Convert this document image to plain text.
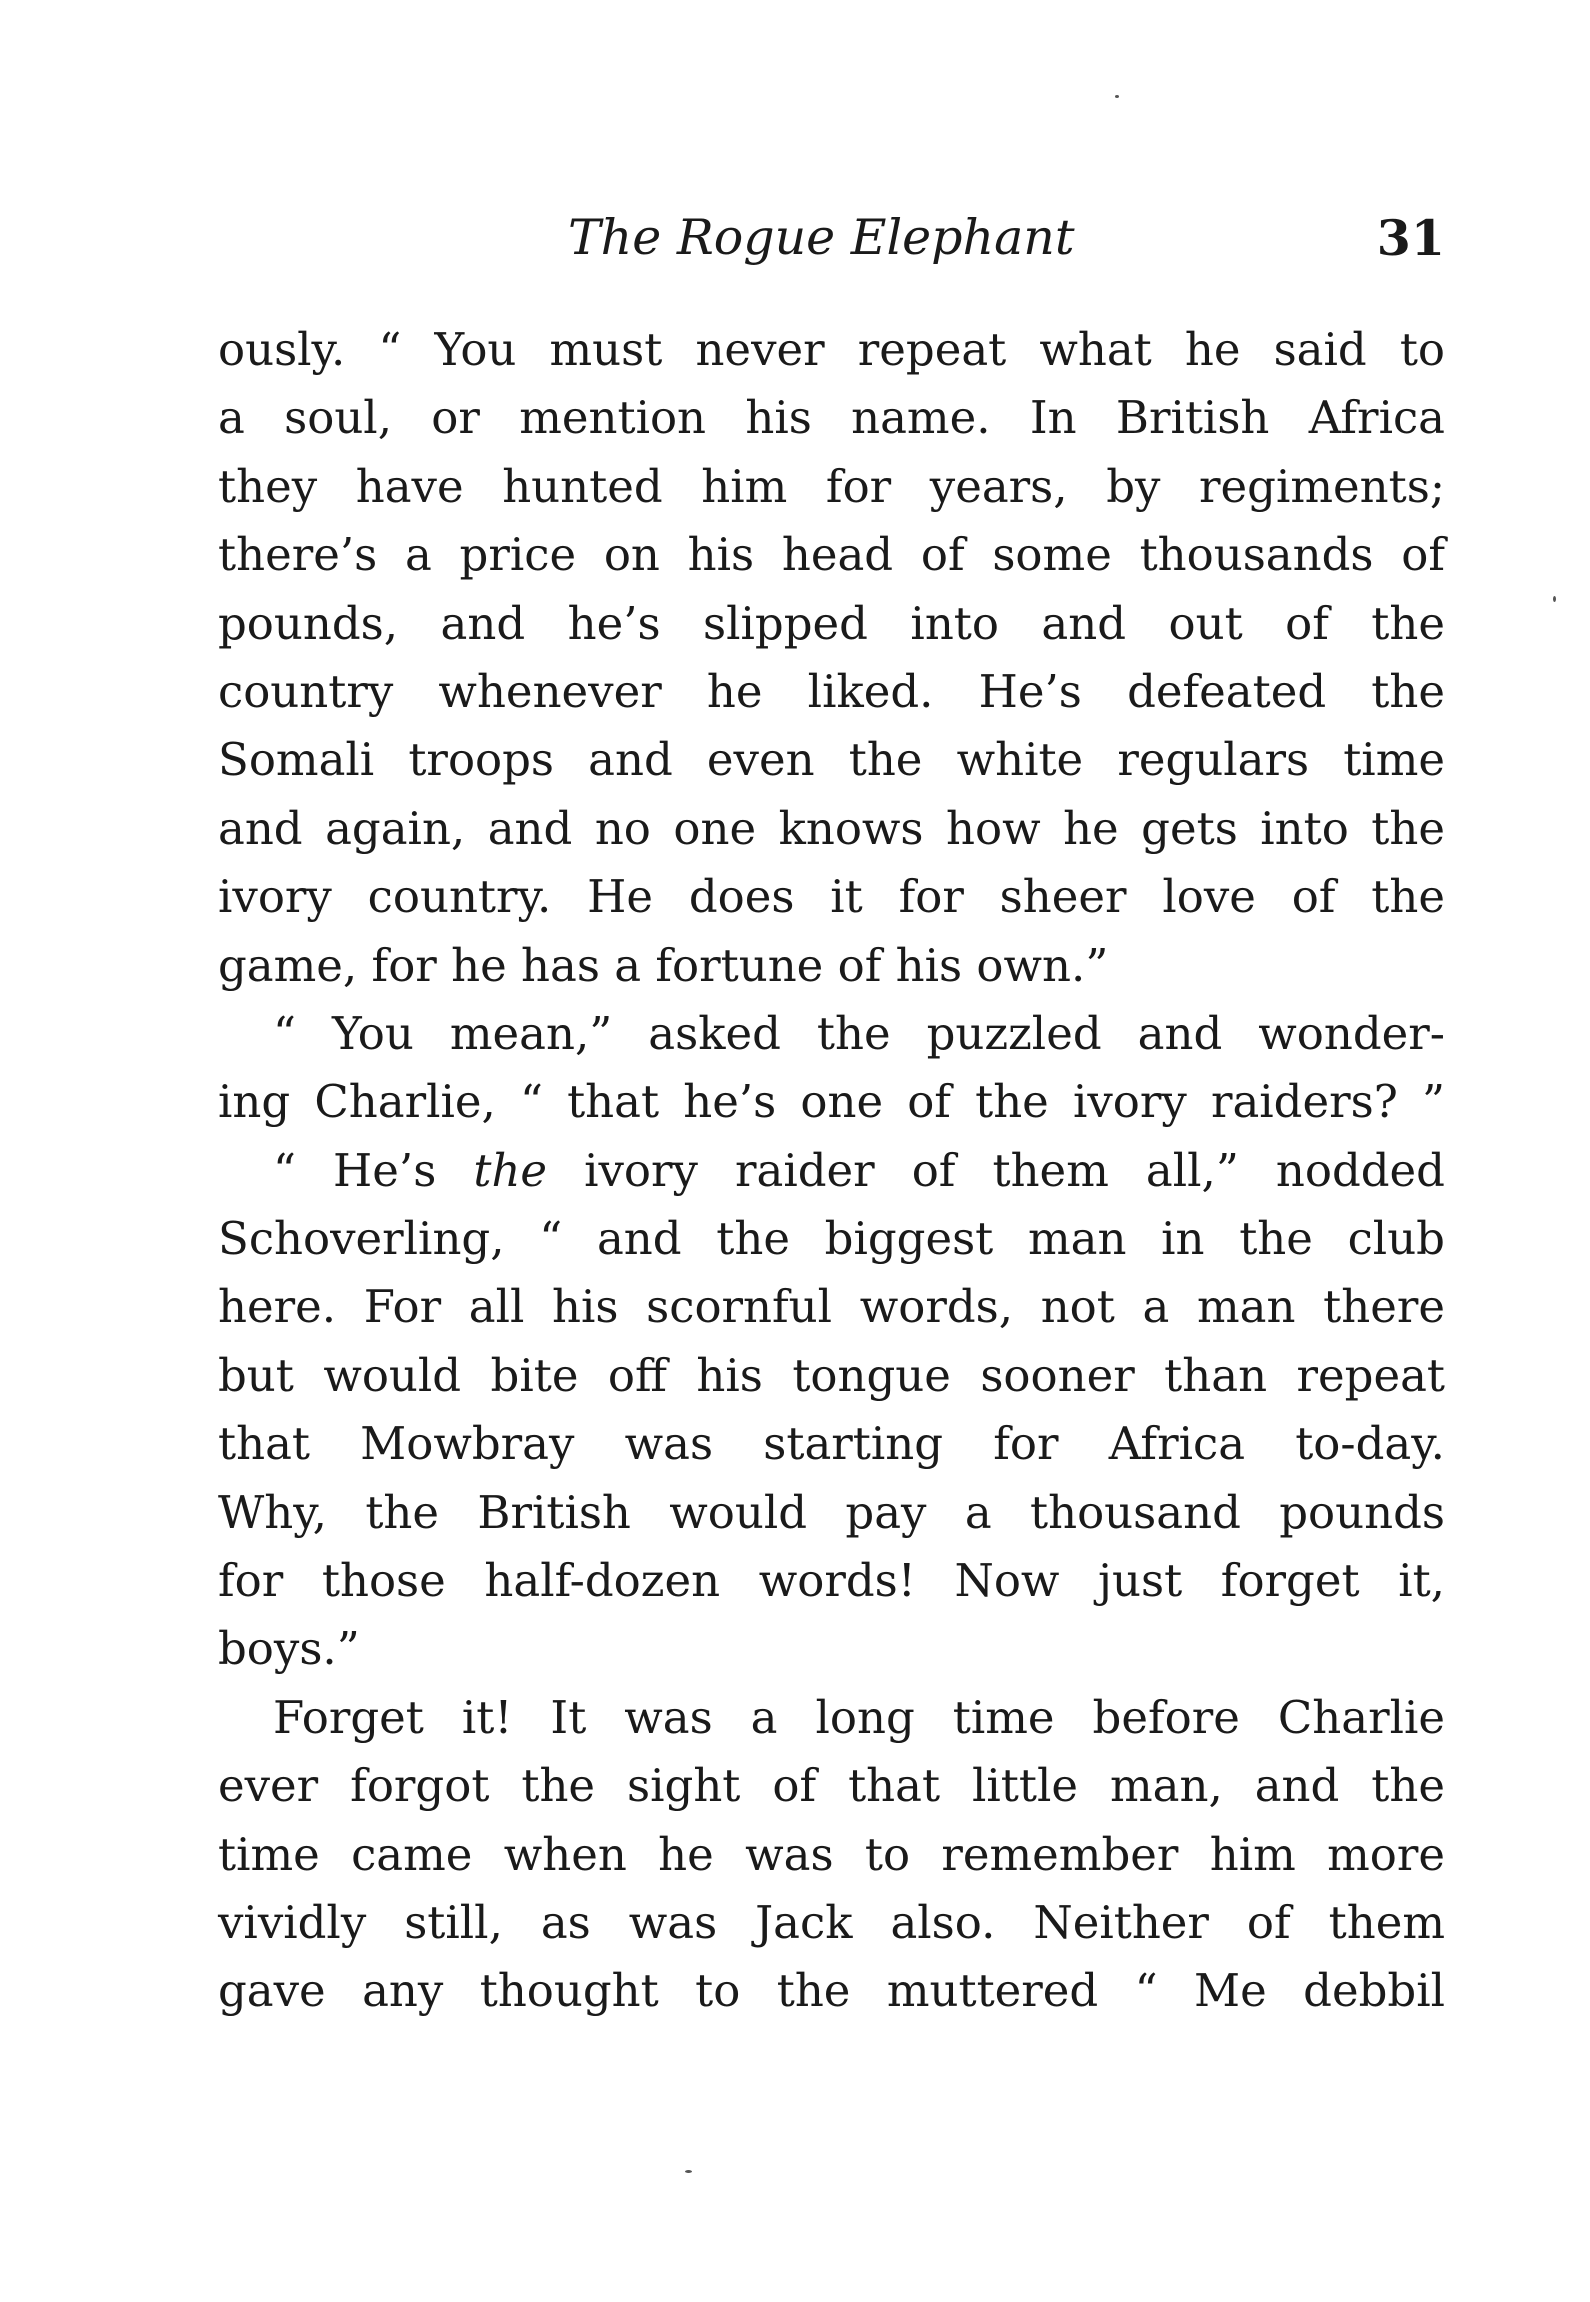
The Rogue Elephant	31
ously. “ You must never repeat what he said to
a soul, or mention his name. In British Africa
they have hunted him for years, by regiments;
there’s a price on his head of some thousands of
pounds, and he’s slipped into and out of the
country whenever he liked. He’s defeated the
Somali troops and even the white regulars time
and again, and no one knows how he gets into the
ivory country. He does it for sheer love of the
game, for he has a fortune of his own.”
“ You mean,” asked the puzzled and wonder-
ing Charlie, “ that he’s one of the ivory raiders? ”
“ He’s the ivory raider of them all,” nodded
Schoverling, “ and the biggest man in the club
here. For all his scornful words, not a man there
but would bite off his tongue sooner than repeat
that Mowbray was starting for Africa to-day.
Why, the British would pay a thousand pounds
for those half-dozen words! Now just forget it,
boys.”
Forget it! It was a long time before Charlie
ever forgot the sight of that little man, and the
time came when he was to remember him more
vividly still, as was Jack also. Neither of them
gave any thought to the muttered “ Me debbil
